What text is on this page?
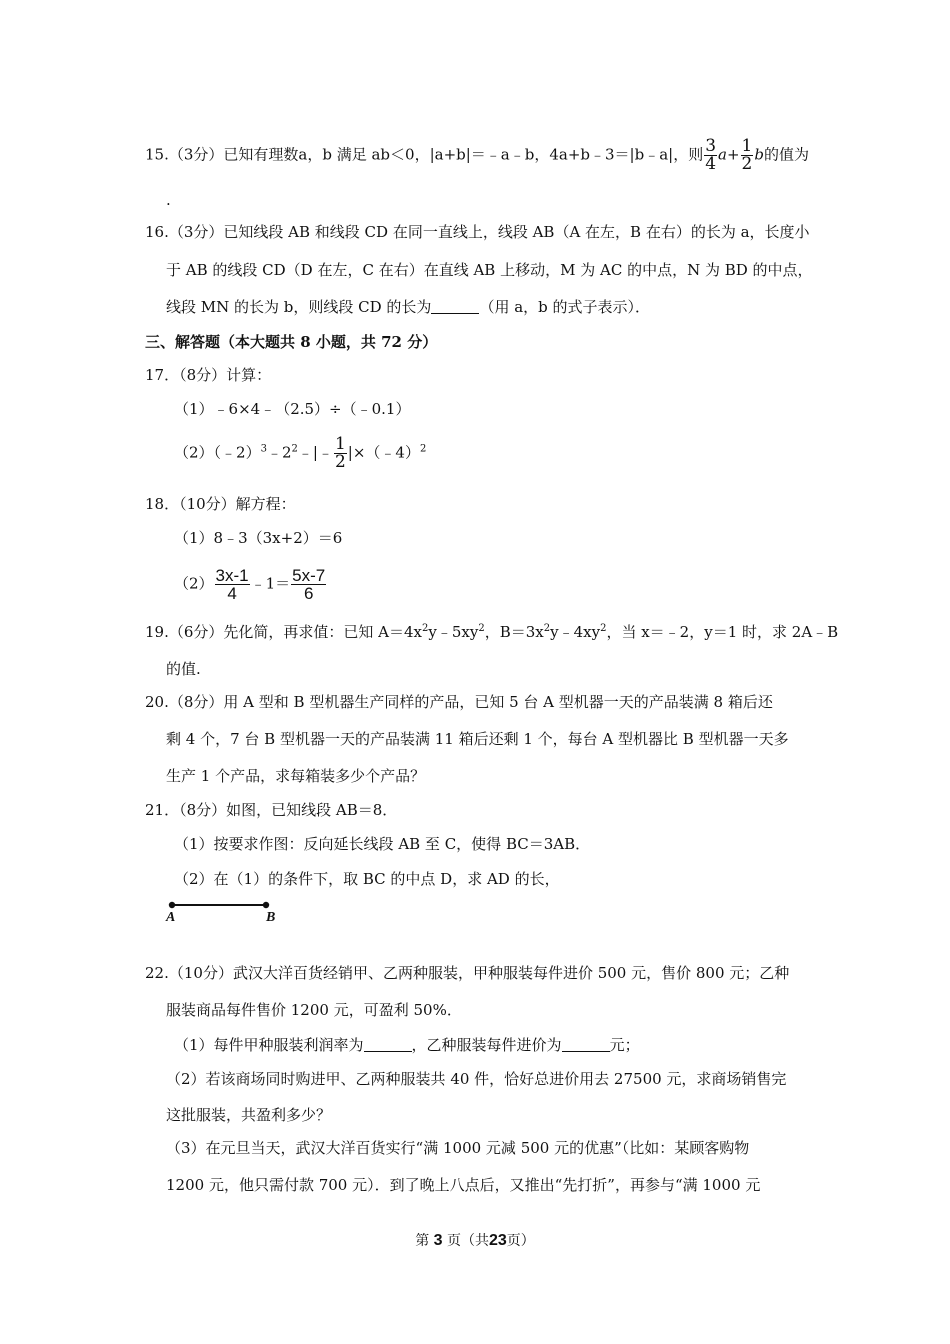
15.（3分）已知有理数a，b 满足 ab＜0，|a+b|＝﹣a﹣b，4a+b﹣3＝|b﹣a|，则 $\frac{3}{4} a+ \frac{1}{2}$ b的值为
.
16.（3分）已知线段 AB 和线段 CD 在同一直线上，线段 AB（A 在左，B 在右）的长为 a，长度小
于 AB 的线段 CD（D 在左，C 在右）在直线 AB 上移动，M 为 AC 的中点，N 为 BD 的中点，
线段 MN 的长为 b，则线段 CD 的长为	（用 a，b 的式子表示）．
三、解答题（本大题共 8 小题，共 72 分）
17．（8分）计算：
（1）﹣6×4﹣（2.5）÷（﹣0.1）
$(2)(﹣2)^3﹣2^2﹣|﹣ \frac{1}{2}$ |×（﹣4）$^2$
18．（10分）解方程：
（1）8﹣3（3x+2）＝6
$(2) \frac{3x-1}{4}$ ﹣1＝ $\frac{5x-7}{6}$
19.（6分）先化简，再求值：已知 $A=4x^2y﹣5xy^2$，$B=3x^2y﹣4xy^2$，当 x＝﹣2，y＝1 时，求 2A﹣B
的值.
20.（8分）用 A 型和 B 型机器生产同样的产品，已知 5 台 A 型机器一天的产品装满 8 箱后还
剩 4 个，7 台 B 型机器一天的产品装满 11 箱后还剩 1 个，每台 A 型机器比 B 型机器一天多
生产 1 个产品，求每箱装多少个产品？
21．（8分）如图，已知线段 AB＝8．
（1）按要求作图：反向延长线段 AB 至 C，使得 BC＝3AB．
（2）在（1）的条件下，取 BC 的中点 D，求 AD 的长，
A	B
22.（10分）武汉大洋百货经销甲、乙两种服装，甲种服装每件进价 500 元，售价 800 元；乙种
服装商品每件售价 1200 元，可盈利 50%．
（1）每件甲种服装利润率为	，乙种服装每件进价为	元；
（2）若该商场同时购进甲、乙两种服装共 40 件，恰好总进价用去 27500 元，求商场销售完
这批服装，共盈利多少？
（3）在元旦当天，武汉大洋百货实行“满 1000 元减 500 元的优惠”（比如：某顾客购物
1200 元，他只需付款 700 元）．到了晚上八点后，又推出“先打折”，再参与“满 1000 元
第 3 页（共23页）
